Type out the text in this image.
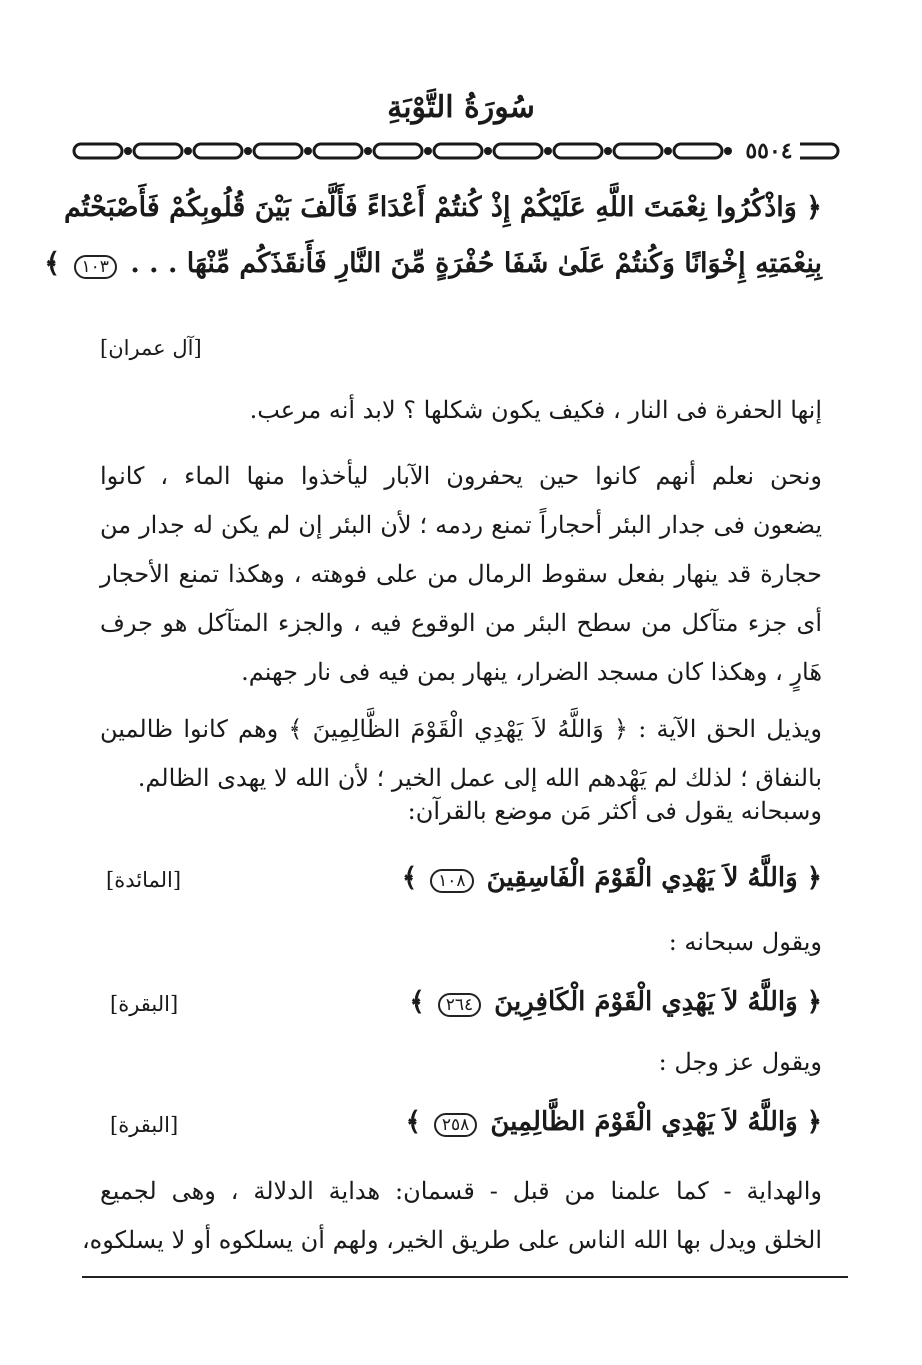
سُورَةُ التَّوْبَةِ
٥٥٠٤
﴿ وَاذْكُرُوا نِعْمَتَ اللَّهِ عَلَيْكُمْ إِذْ كُنتُمْ أَعْدَاءً فَأَلَّفَ بَيْنَ قُلُوبِكُمْ فَأَصْبَحْتُم
بِنِعْمَتِهِ إِخْوَانًا وَكُنتُمْ عَلَىٰ شَفَا حُفْرَةٍ مِّنَ النَّارِ فَأَنقَذَكُم مِّنْهَا . . . ١٠٣ ﴾
[آل عمران]
إنها الحفرة فى النار ، فكيف يكون شكلها ؟ لابد أنه مرعب.
ونحن نعلم أنهم كانوا حين يحفرون الآبار ليأخذوا منها الماء ، كانوا
يضعون فى جدار البئر أحجاراً تمنع ردمه ؛ لأن البئر إن لم يكن له جدار من
حجارة قد ينهار بفعل سقوط الرمال من على فوهته ، وهكذا تمنع الأحجار
أى جزء متآكل من سطح البئر من الوقوع فيه ، والجزء المتآكل هو جرف
هَارٍ ، وهكذا كان مسجد الضرار، ينهار بمن فيه فى نار جهنم.
ويذيل الحق الآية : ﴿ وَاللَّهُ لاَ يَهْدِي الْقَوْمَ الظَّالِمِينَ ﴾ وهم كانوا ظالمين
بالنفاق ؛ لذلك لم يَهْدهم الله إلى عمل الخير ؛ لأن الله لا يهدى الظالم.
وسبحانه يقول فى أكثر مَن موضع بالقرآن:
﴿ وَاللَّهُ لاَ يَهْدِي الْقَوْمَ الْفَاسِقِينَ ١٠٨ ﴾
[المائدة]
ويقول سبحانه :
﴿ وَاللَّهُ لاَ يَهْدِي الْقَوْمَ الْكَافِرِينَ ٢٦٤ ﴾
[البقرة]
ويقول عز وجل :
﴿ وَاللَّهُ لاَ يَهْدِي الْقَوْمَ الظَّالِمِينَ ٢٥٨ ﴾
[البقرة]
والهداية - كما علمنا من قبل - قسمان: هداية الدلالة ، وهى لجميع
الخلق ويدل بها الله الناس على طريق الخير، ولهم أن يسلكوه أو لا يسلكوه،
